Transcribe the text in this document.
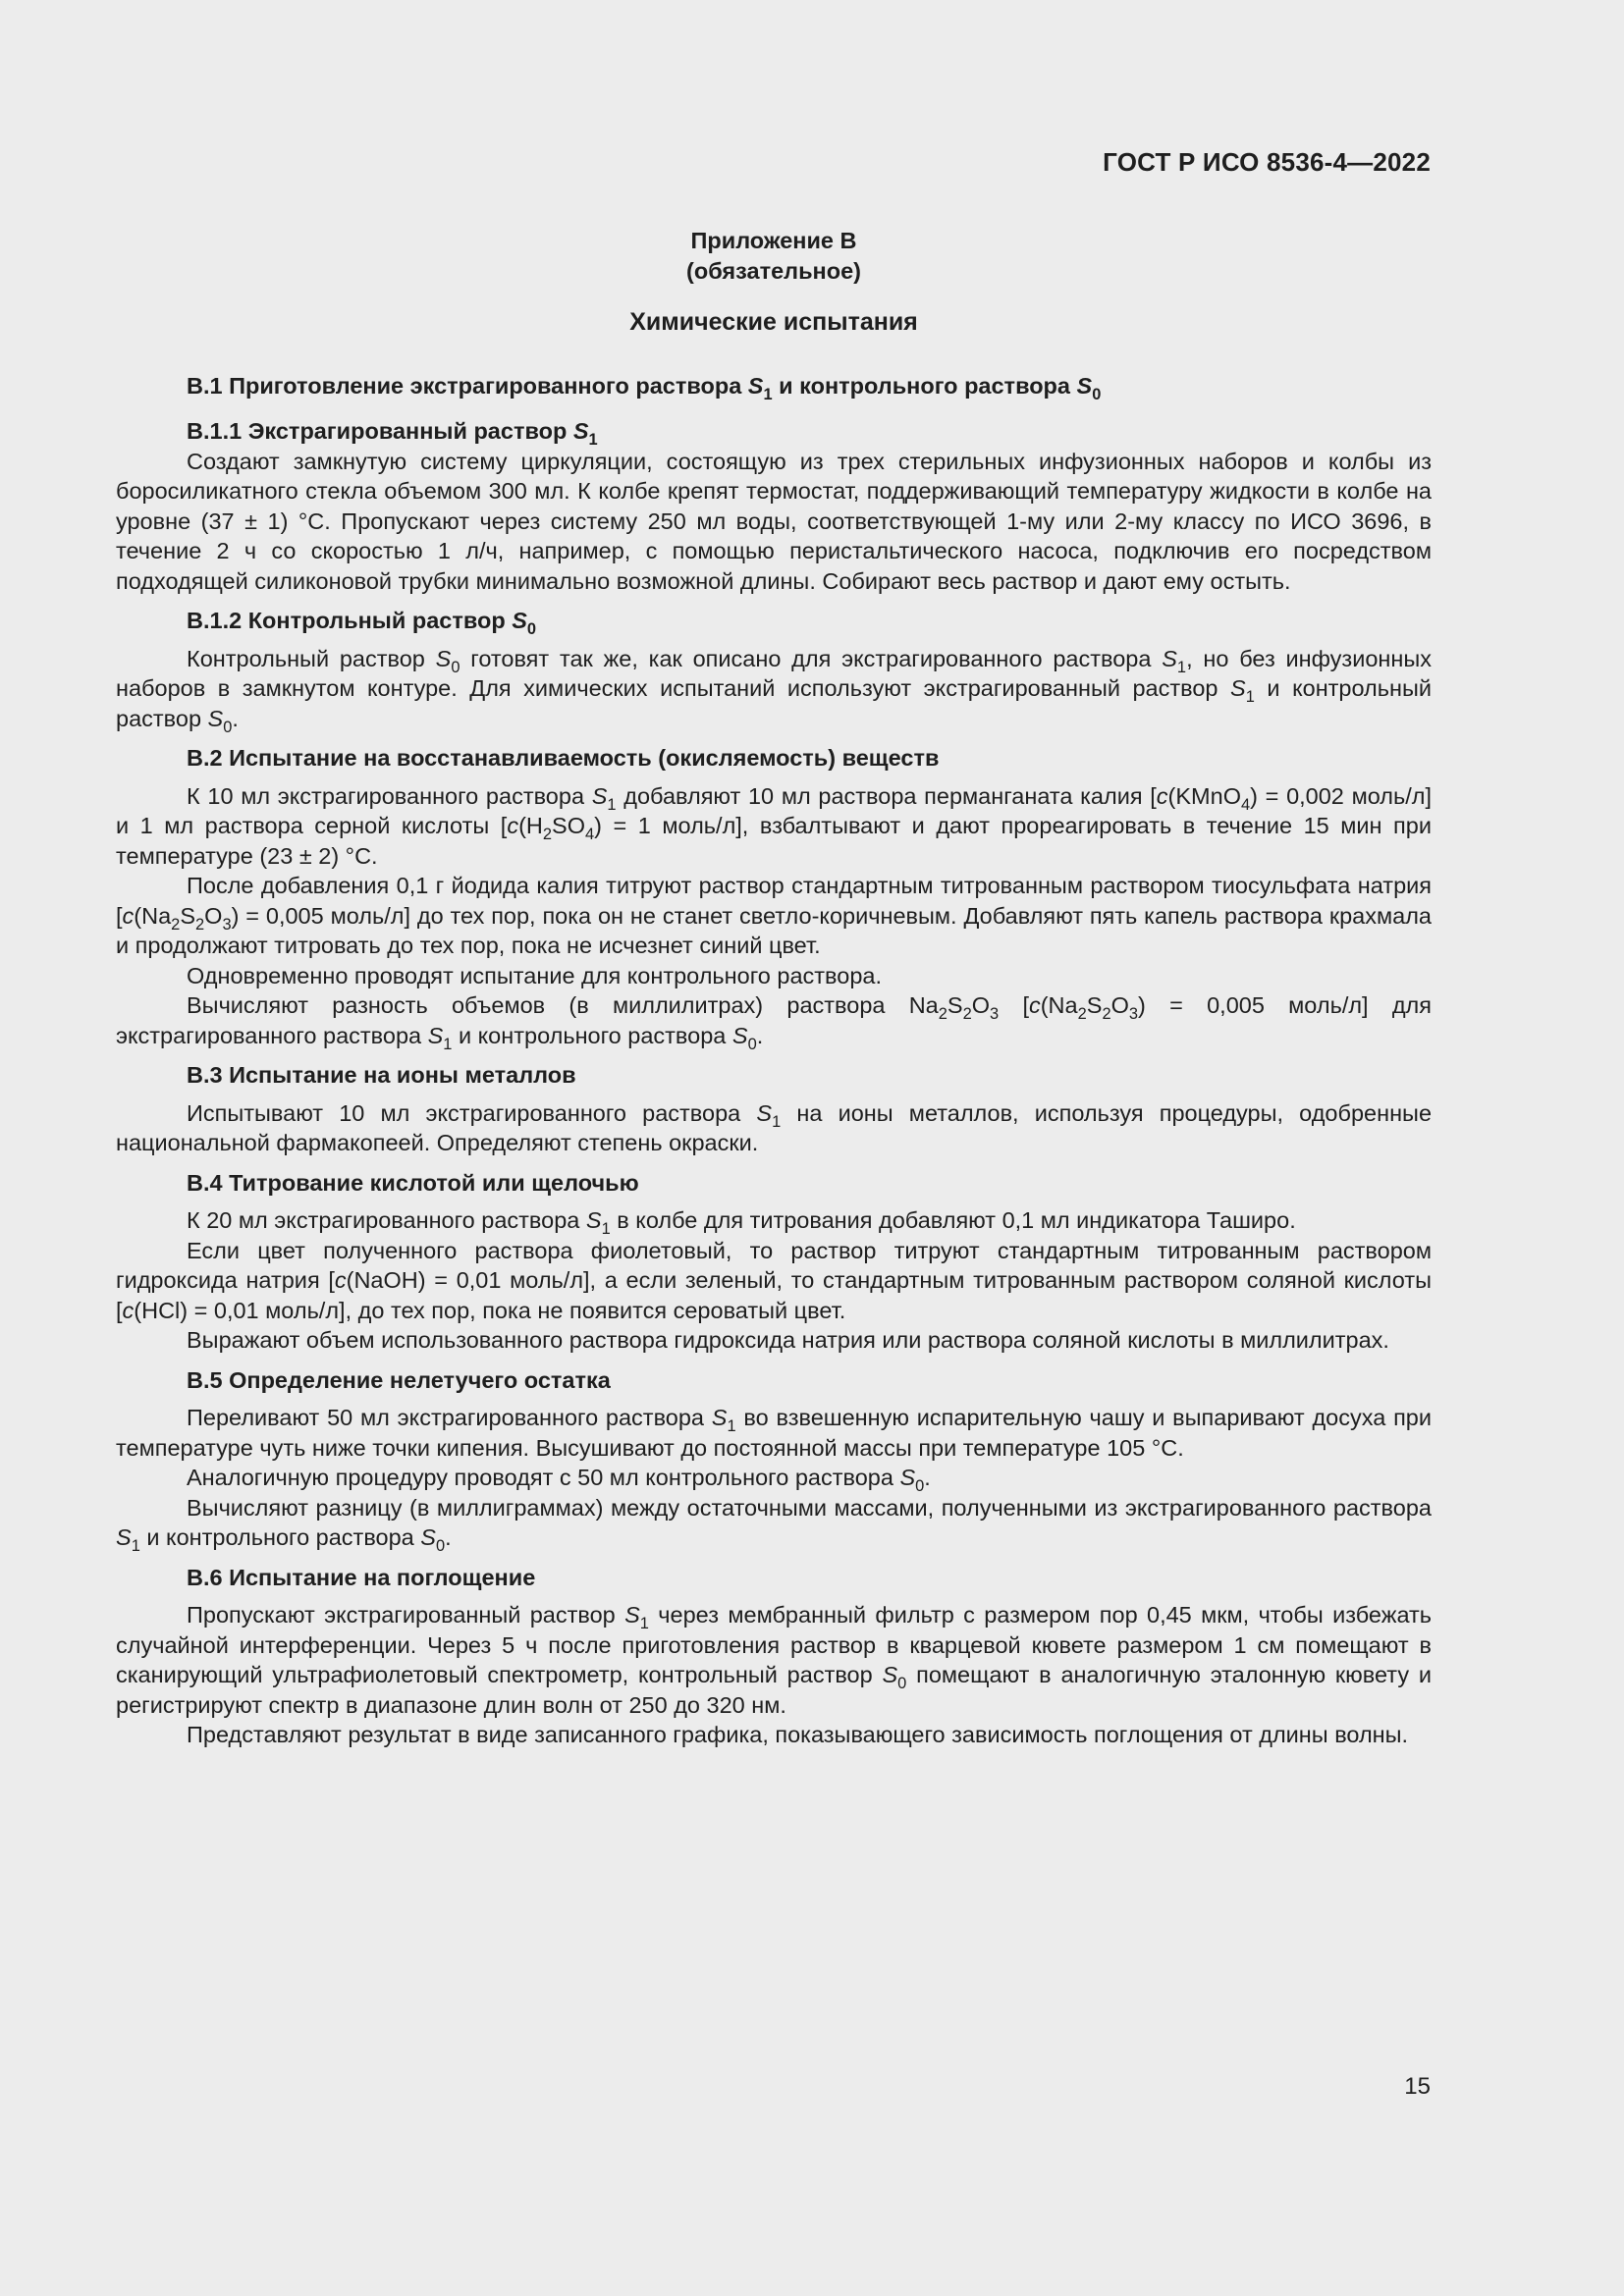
ГОСТ Р ИСО 8536-4—2022
Приложение B
(обязательное)
Химические испытания
B.1 Приготовление экстрагированного раствора $S_1$ и контрольного раствора $S_0$
B.1.1 Экстрагированный раствор $S_1$

Создают замкнутую систему циркуляции, состоящую из трех стерильных инфузионных наборов и колбы из боросиликатного стекла объемом 300 мл. К колбе крепят термостат, поддерживающий температуру жидкости в колбе на уровне (37 ± 1) °С. Пропускают через систему 250 мл воды, соответствующей 1-му или 2-му классу по ИСО 3696, в течение 2 ч со скоростью 1 л/ч, например, с помощью перистальтического насоса, подключив его посредством подходящей силиконовой трубки минимально возможной длины. Собирают весь раствор и дают ему остыть.

B.1.2 Контрольный раствор $S_0$

Контрольный раствор $S_0$ готовят так же, как описано для экстрагированного раствора $S_1$, но без инфузионных наборов в замкнутом контуре. Для химических испытаний используют экстрагированный раствор $S_1$ и контрольный раствор $S_0$.

B.2 Испытание на восстанавливаемость (окисляемость) веществ

К 10 мл экстрагированного раствора $S_1$ добавляют 10 мл раствора перманганата калия [c(KMnO$_4$) = 0,002 моль/л] и 1 мл раствора серной кислоты [$c(H_2SO_4) = 1$ моль/л], взбалтывают и дают прореагировать в течение 15 мин при температуре (23 ± 2) °С.

После добавления 0,1 г йодида калия титруют раствор стандартным титрованным раствором тиосульфата натрия [$c(Na_2S_2O_3) = 0,005$ моль/л] до тех пор, пока он не станет светло-коричневым. Добавляют пять капель раствора крахмала и продолжают титровать до тех пор, пока не исчезнет синий цвет.

Одновременно проводят испытание для контрольного раствора.

Вычисляют разность объемов (в миллилитрах) раствора $Na_2S_2O_3$ [$c(Na_2S_2O_3) = 0,005$ моль/л] для экстрагированного раствора $S_1$ и контрольного раствора $S_0$.

B.3 Испытание на ионы металлов

Испытывают 10 мл экстрагированного раствора $S_1$ на ионы металлов, используя процедуры, одобренные национальной фармакопеей. Определяют степень окраски.

B.4 Титрование кислотой или щелочью

К 20 мл экстрагированного раствора $S_1$ в колбе для титрования добавляют 0,1 мл индикатора Таширо.

Если цвет полученного раствора фиолетовый, то раствор титруют стандартным титрованным раствором гидроксида натрия [c(NaOH) = 0,01 моль/л], а если зеленый, то стандартным титрованным раствором соляной кислоты [c(HCl) = 0,01 моль/л], до тех пор, пока не появится сероватый цвет.

Выражают объем использованного раствора гидроксида натрия или раствора соляной кислоты в миллилитрах.

B.5 Определение нелетучего остатка

Переливают 50 мл экстрагированного раствора $S_1$ во взвешенную испарительную чашу и выпаривают досуха при температуре чуть ниже точки кипения. Высушивают до постоянной массы при температуре 105 °С.

Аналогичную процедуру проводят с 50 мл контрольного раствора $S_0$.

Вычисляют разницу (в миллиграммах) между остаточными массами, полученными из экстрагированного раствора $S_1$ и контрольного раствора $S_0$.

B.6 Испытание на поглощение

Пропускают экстрагированный раствор $S_1$ через мембранный фильтр с размером пор 0,45 мкм, чтобы избежать случайной интерференции. Через 5 ч после приготовления раствор в кварцевой кювете размером 1 см помещают в сканирующий ультрафиолетовый спектрометр, контрольный раствор $S_0$ помещают в аналогичную эталонную кювету и регистрируют спектр в диапазоне длин волн от 250 до 320 нм.

Представляют результат в виде записанного графика, показывающего зависимость поглощения от длины волны.

15
